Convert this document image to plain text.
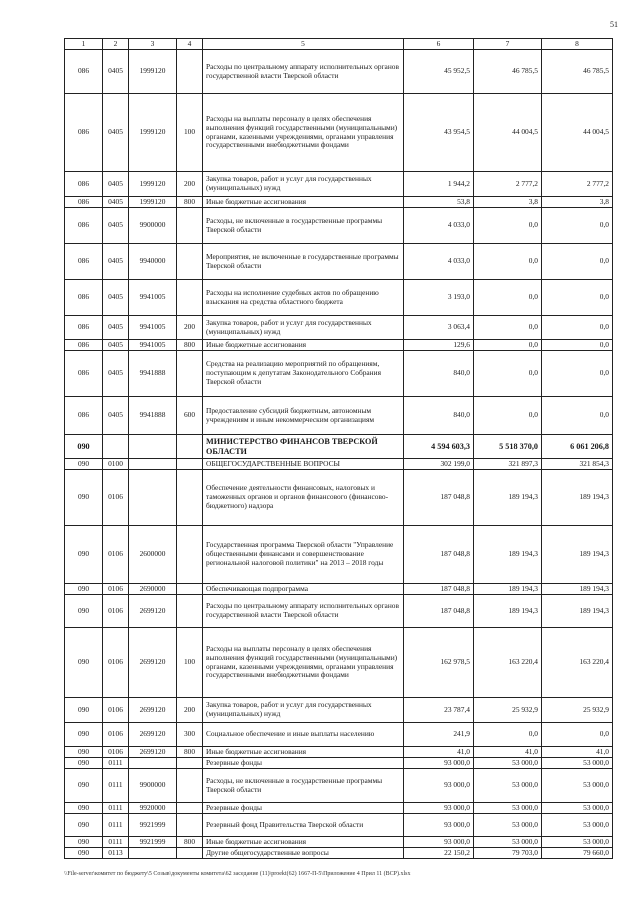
51
1	2	3	4	5	6	7	8
086	0405	1999120		Расходы по центральному аппарату исполнительных органов государственной власти Тверской области	45 952,5	46 785,5	46 785,5
086	0405	1999120	100	Расходы на выплаты персоналу в целях обеспечения выполнения функций государственными (муниципальными) органами, казенными учреждениями, органами управления государственными внебюджетными фондами	43 954,5	44 004,5	44 004,5
086	0405	1999120	200	Закупка товаров, работ и услуг для государственных (муниципальных) нужд	1 944,2	2 777,2	2 777,2
086	0405	1999120	800	Иные бюджетные ассигнования	53,8	3,8	3,8
086	0405	9900000		Расходы, не включенные в государственные программы Тверской области	4 033,0	0,0	0,0
086	0405	9940000		Мероприятия, не включенные в государственные программы Тверской области	4 033,0	0,0	0,0
086	0405	9941005		Расходы на исполнение судебных актов по обращению взыскания на средства областного бюджета	3 193,0	0,0	0,0
086	0405	9941005	200	Закупка товаров, работ и услуг для государственных (муниципальных) нужд	3 063,4	0,0	0,0
086	0405	9941005	800	Иные бюджетные ассигнования	129,6	0,0	0,0
086	0405	9941888		Средства на реализацию мероприятий по обращениям, поступающим к депутатам Законодательного Собрания Тверской области	840,0	0,0	0,0
086	0405	9941888	600	Предоставление субсидий бюджетным, автономным учреждениям и иным некоммерческим организациям	840,0	0,0	0,0
090				МИНИСТЕРСТВО ФИНАНСОВ ТВЕРСКОЙ ОБЛАСТИ	4 594 603,3	5 518 370,0	6 061 206,8
090	0100			ОБЩЕГОСУДАРСТВЕННЫЕ ВОПРОСЫ	302 199,0	321 897,3	321 854,3
090	0106			Обеспечение деятельности финансовых, налоговых и таможенных органов и органов финансового (финансово-бюджетного) надзора	187 048,8	189 194,3	189 194,3
090	0106	2600000		Государственная программа Тверской области "Управление общественными финансами и совершенствование региональной налоговой политики" на 2013 – 2018 годы	187 048,8	189 194,3	189 194,3
090	0106	2690000		Обеспечивающая подпрограмма	187 048,8	189 194,3	189 194,3
090	0106	2699120		Расходы по центральному аппарату исполнительных органов государственной власти Тверской области	187 048,8	189 194,3	189 194,3
090	0106	2699120	100	Расходы на выплаты персоналу в целях обеспечения выполнения функций государственными (муниципальными) органами, казенными учреждениями, органами управления государственными внебюджетными фондами	162 978,5	163 220,4	163 220,4
090	0106	2699120	200	Закупка товаров, работ и услуг для государственных (муниципальных) нужд	23 787,4	25 932,9	25 932,9
090	0106	2699120	300	Социальное обеспечение и иные выплаты населению	241,9	0,0	0,0
090	0106	2699120	800	Иные бюджетные ассигнования	41,0	41,0	41,0
090	0111			Резервные фонды	93 000,0	53 000,0	53 000,0
090	0111	9900000		Расходы, не включенные в государственные программы Тверской области	93 000,0	53 000,0	53 000,0
090	0111	9920000		Резервные фонды	93 000,0	53 000,0	53 000,0
090	0111	9921999		Резервный фонд Правительства Тверской области	93 000,0	53 000,0	53 000,0
090	0111	9921999	800	Иные бюджетные ассигнования	93 000,0	53 000,0	53 000,0
090	0113			Другие общегосударственные вопросы	22 150,2	79 703,0	79 660,0
\\File-server\комитет по бюджету\5 Созыв\документы комитета\62 заседание (11)\proekt(62) 1667-П-5\Приложение 4 Прил 11 (ВСР).xlsx
